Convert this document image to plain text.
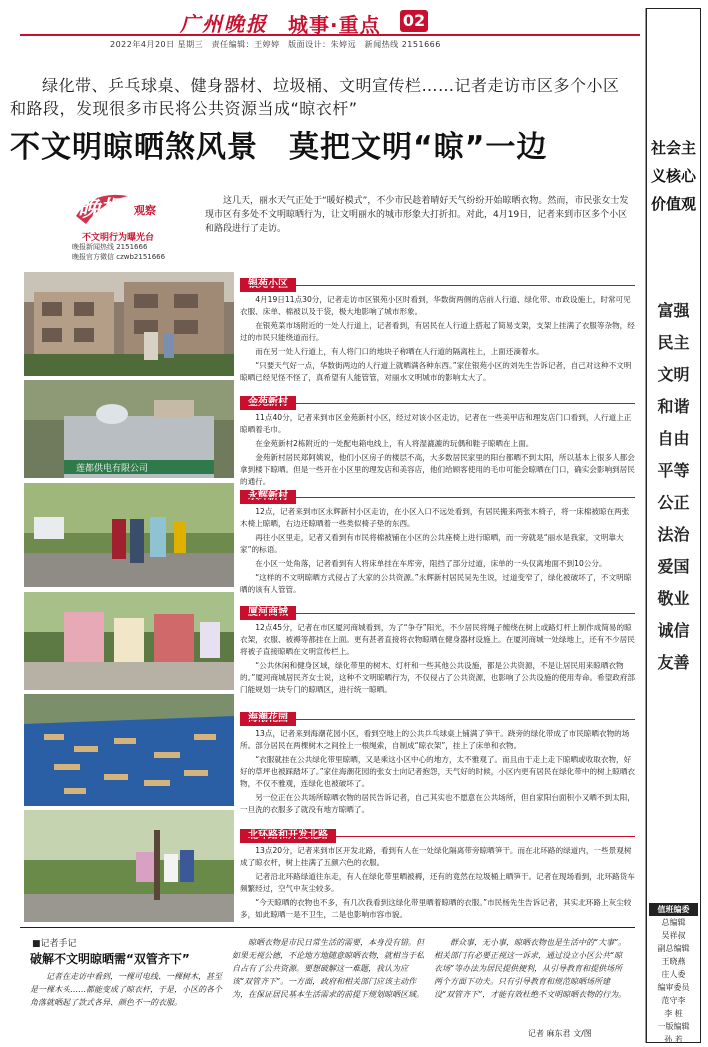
广州晚报 城事·重点 02
2022年4月20日 星期三　责任编辑：王婷婷　版面设计：朱婷远　新闻热线 2151666
绿化带、乒乓球桌、健身器材、垃圾桶、文明宣传栏……记者走访市区多个小区和路段，发现很多市民将公共资源当成“晾衣杆”
不文明晾晒煞风景　莫把文明“晾”一边
晚报 观察
不文明行为曝光台
晚报新闻热线 2151666
晚报官方微信 czwb2151666
这几天，丽水天气正处于“暖好模式”，不少市民趁着晴好天气纷纷开始晾晒衣物。然而，市民张女士发现市区有多处不文明晾晒行为，让文明丽水的城市形象大打折扣。对此，4月19日，记者来到市区多个小区和路段进行了走访。
莲都供电有限公司
银苑小区

4月19日11点30分，记者走访市区银苑小区时看到，华数街两侧的店前人行道、绿化带、市政设施上，时常可见衣服、床单、棉被以及于袋，极大地影响了城市形象。

在银苑菜市场附近的一处人行道上，记者看到，有居民在人行道上搭起了简易支架，支架上挂满了衣服等杂物，经过的市民只能绕道而行。

而在另一处人行道上，有人将门口的地块子称晒在人行道的隔离柱上，上面还滴着水。

“只要天气好一点，华数街两边的人行道上就晒满各种东西。”家住银苑小区的刘先生告诉记者，自己对这种不文明晾晒已经见怪不怪了，真希望有人能管管，对丽水文明城市的影响太大了。

金苑新村

11点40分，记者来到市区金苑新村小区，经过对该小区走访，记者在一些美甲店和理发店门口看到，人行道上正晾晒着毛巾。

在金苑新村2栋附近的一处配电箱电线上，有人将湿漉漉的玩偶和鞋子晾晒在上面。

金苑新村居民郑阿姨说，他们小区房子的楼层不高，大多数居民家里的阳台都晒不到太阳，所以基本上很多人都会拿到楼下晾晒。但是一些开在小区里的理发店和美容店，他们给顾客使用的毛巾可能会晾晒在门口，确实会影响到居民的通行。

永辉新村

12点，记者来到市区永辉新村小区走访，在小区入口不远处看到，有居民搬来两张木椅子，将一床棉被晾在两张木椅上晾晒，右边还晾晒着一些类似椅子垫的东西。

再往小区里走，记者又看到有市民将棉被铺在小区的公共座椅上进行晾晒，而一旁就是“丽水是我家，文明靠大家”的标语。

在小区一处角落，记者看到有人将床单挂在车库旁，阻挡了部分过道，床单的一头仅离地面不到10公分。

“这样的不文明晾晒方式侵占了大家的公共资源。”永辉新村居民吴先生说，过道变窄了，绿化被破坏了，不文明晾晒的该有人管管。

厦河商城

12点45分，记者在市区厦河商城看到，为了“争夺”阳光，不少居民将绳子缠绕在树上或路灯杆上制作成简易的晾衣架，衣服、被褥等都挂在上面。更有甚者直接将衣物晾晒在健身器材设施上。在厦河商城一处绿地上，还有不少居民将被子直接晾晒在文明宣传栏上。

“公共休闲和健身区域，绿化带里的树木、灯杆和一些其他公共设施，都是公共资源，不是让居民用来晾晒衣物的。”厦河商城居民齐女士说，这种不文明晾晒行为，不仅侵占了公共资源，也影响了公共设施的使用寿命。希望政府部门能规划一块专门的晾晒区，进行统一晾晒。

海潮花园

13点，记者来到海潮花园小区，看到空地上的公共乒乓球桌上铺满了笋干。跷旁的绿化带成了市民晾晒衣物的场所。部分居民在两棵树木之间拴上一根绳索，自制成“晾衣架”，挂上了床单和衣物。

“衣服就挂在公共绿化带里晾晒，又是乘这小区中心的地方，太不雅观了。而且由于走上走下晾晒或收取衣物，好好的草坪也被踩踏坏了。”家住海潮花园的张女士向记者抱怨，天气好的时候，小区内更有居民在绿化带中的树上晾晒衣物，不仅不雅观，连绿化也被破坏了。

另一位正在公共场所晾晒衣物的居民告诉记者，自己其实也不愿意在公共场所，但自家阳台面积小又晒不到太阳，一旦洗的衣服多了就没有地方晾晒了。

北环路和开发北路

13点20分，记者来到市区开发北路，看到有人在一处绿化隔离带旁晾晒笋干。而在北环路的绿道内，一些景观树成了晾衣杆，树上挂满了五颜六色的衣服。

记者沿北环路绿道往东走，有人在绿化带里晒被褥，还有的竟然在垃圾桶上晒笋干。记者在现场看到，北环路货车频繁经过，空气中灰尘较多。

“今天晾晒的衣物也不多，有几次我看到这绿化带里晒着晾晒的衣服。”市民杨先生告诉记者，其实北环路上灰尘较多，如此晾晒一是不卫生，二是也影响市容市貌。

■记者手记
破解不文明晾晒需“双管齐下”
记者在走访中看到，一棵可电线、一棵树木，甚至是一棵木头……都能变成了晾衣杆，于是，小区的各个角落就晒起了款式各异、颜色不一的衣服。
晾晒衣物是市民日常生活的需要，本身没有错。但如果无视公德，不论地方地随意晾晒衣物，就相当于私自占有了公共资源。要想破解这一难题，我认为应该“双管齐下”。一方面，政府和相关部门应该主动作为，在保证居民基本生活需求的前提下规划晾晒区域。
群众事，无小事，晾晒衣物也是生活中的“大事”。相关部门有必要正视这一诉求，通过设立小区公共“晾衣场”等办法为居民提供便利，从引导教育和提供场所两个方面下功夫。只有引导教育和规范晾晒场所建设“双管齐下”，才能有效杜绝不文明晾晒衣物的行为。
记者 麻东君 文/图
社会主义核心价值观
富强
民主
文明
和谐
自由
平等
公正
法治
爱国
敬业
诚信
友善
值班编委
总编辑
吴祥叔
副总编辑
王晓燕
庄人委
编审委员
范守李
李 桩
一版编辑
孙 若
